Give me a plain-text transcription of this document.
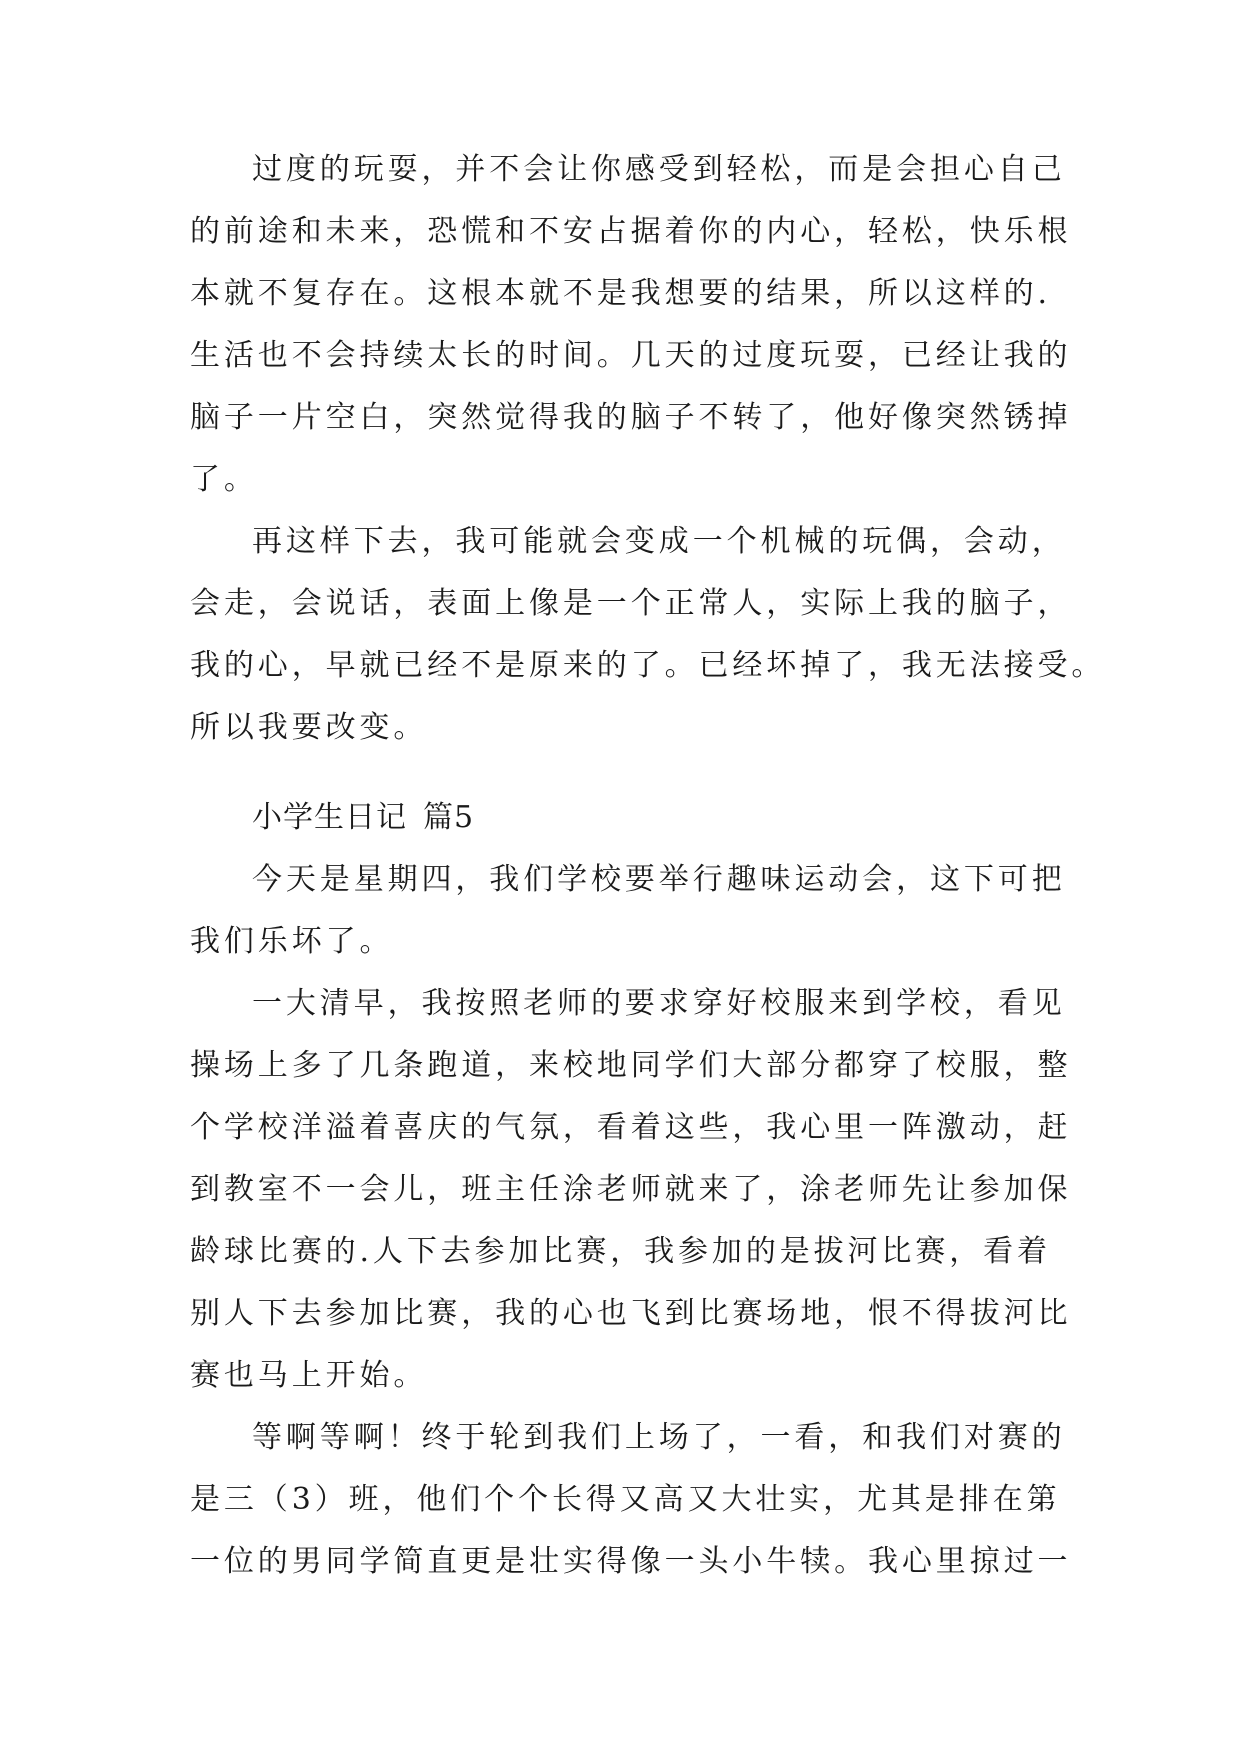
过度的玩耍，并不会让你感受到轻松，而是会担心自己
的前途和未来，恐慌和不安占据着你的内心，轻松，快乐根
本就不复存在。这根本就不是我想要的结果，所以这样的.
生活也不会持续太长的时间。几天的过度玩耍，已经让我的
脑子一片空白，突然觉得我的脑子不转了，他好像突然锈掉
了。
再这样下去，我可能就会变成一个机械的玩偶，会动，
会走，会说话，表面上像是一个正常人，实际上我的脑子，
我的心，早就已经不是原来的了。已经坏掉了，我无法接受。
所以我要改变。
小学生日记 篇5
今天是星期四，我们学校要举行趣味运动会，这下可把
我们乐坏了。
一大清早，我按照老师的要求穿好校服来到学校，看见
操场上多了几条跑道，来校地同学们大部分都穿了校服，整
个学校洋溢着喜庆的气氛，看着这些，我心里一阵激动，赶
到教室不一会儿，班主任涂老师就来了，涂老师先让参加保
龄球比赛的.人下去参加比赛，我参加的是拔河比赛，看着
别人下去参加比赛，我的心也飞到比赛场地，恨不得拔河比
赛也马上开始。
等啊等啊！终于轮到我们上场了，一看，和我们对赛的
是三（3）班，他们个个长得又高又大壮实，尤其是排在第
一位的男同学简直更是壮实得像一头小牛犊。我心里掠过一
